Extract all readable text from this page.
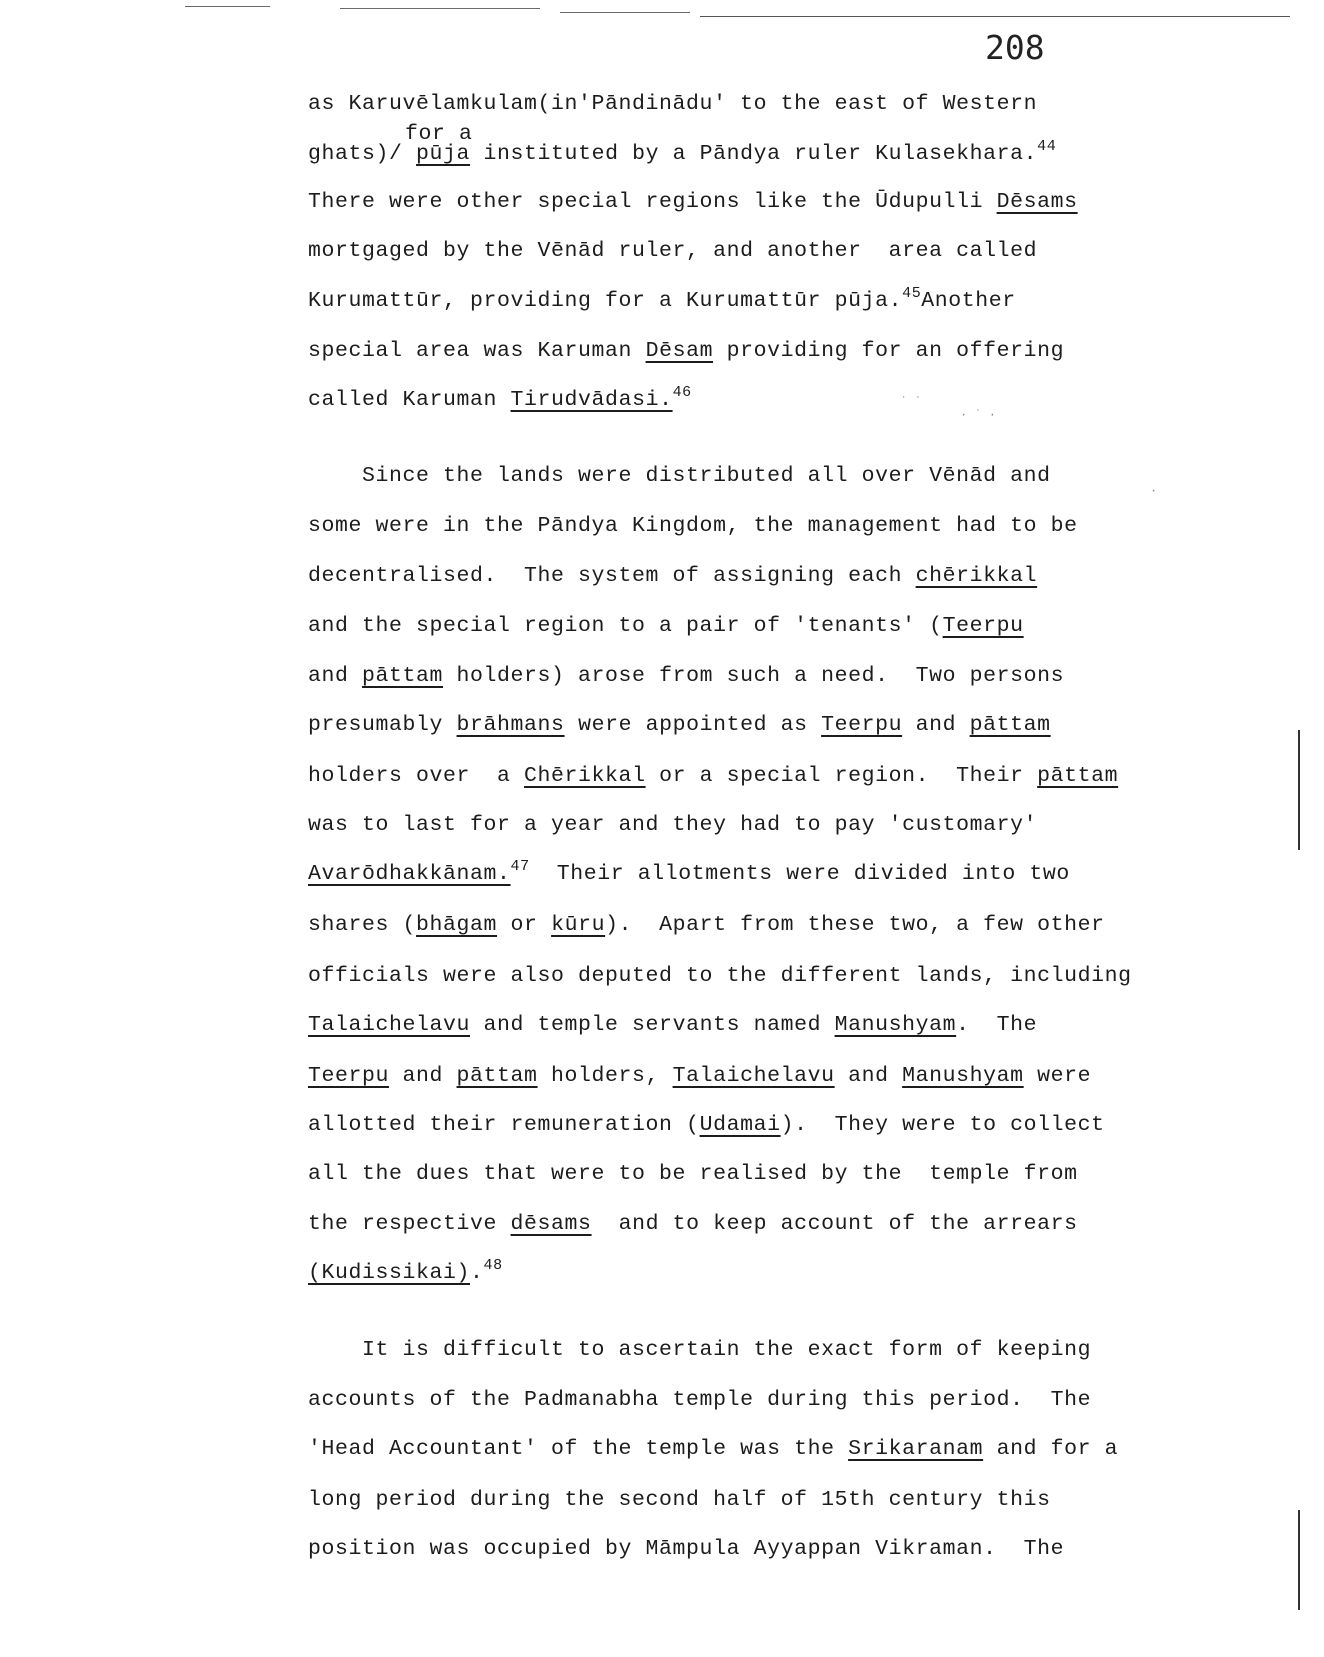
208
for a
as Karuvēlamkulam(in'Pāndinādu' to the east of Western
ghats)/ pūja instituted by a Pāndya ruler Kulasekhara.$^{44}$
There were other special regions like the Ūdupulli Dēsams
mortgaged by the Vēnād ruler, and another  area called
Kurumattūr, providing for a Kurumattūr pūja.$^{45}$Another
special area was Karuman Dēsam providing for an offering
called Karuman Tirudvādasi.$^{46}$
Since the lands were distributed all over Vēnād and
some were in the Pāndya Kingdom, the management had to be
decentralised.  The system of assigning each chērikkal
and the special region to a pair of 'tenants' (Teerpu
and pāttam holders) arose from such a need.  Two persons
presumably brāhmans were appointed as Teerpu and pāttam
holders over  a Chērikkal or a special region.  Their pāttam
was to last for a year and they had to pay 'customary'
Avarōdhakkānam.$^{47}$  Their allotments were divided into two
shares (bhāgam or kūru).  Apart from these two, a few other
officials were also deputed to the different lands, including
Talaichelavu and temple servants named Manushyam.  The
Teerpu and pāttam holders, Talaichelavu and Manushyam were
allotted their remuneration (Udamai).  They were to collect
all the dues that were to be realised by the  temple from
the respective dēsams  and to keep account of the arrears
(Kudissikai).$^{48}$
It is difficult to ascertain the exact form of keeping
accounts of the Padmanabha temple during this period.  The
'Head Accountant' of the temple was the Srikaranam and for a
long period during the second half of 15th century this
position was occupied by Māmpula Ayyappan Vikraman.  The
˙ ˙
· ˙ ·
·
